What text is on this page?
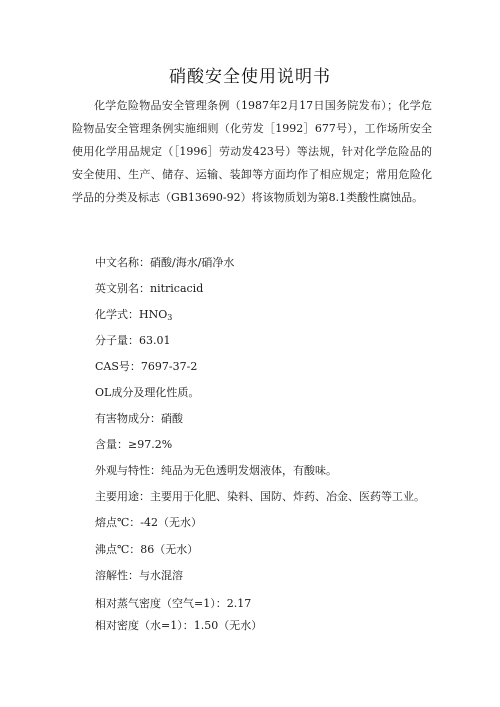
硝酸安全使用说明书
化学危险物品安全管理条例（1987年2月17日国务院发布）；化学危险物品安全管理条例实施细则（化劳发［1992］677号），工作场所安全使用化学用品规定（［1996］劳动发423号）等法规，针对化学危险品的安全使用、生产、储存、运输、装卸等方面均作了相应规定；常用危险化学品的分类及标志（GB13690-92）将该物质划为第8.1类酸性腐蚀品。
中文名称：硝酸/海水/硝净水
英文别名：nitricacid
化学式：$HNO_3$
分子量：63.01
CAS号：7697-37-2
OL成分及理化性质。
有害物成分：硝酸
含量：≥97.2%
外观与特性：纯品为无色透明发烟液体，有酸味。
主要用途：主要用于化肥、染料、国防、炸药、冶金、医药等工业。
熔点℃：-42（无水）
沸点℃：86（无水）
溶解性：与水混溶
相对蒸气密度（空气=1）：2.17
相对密度（水=1）：1.50（无水）
